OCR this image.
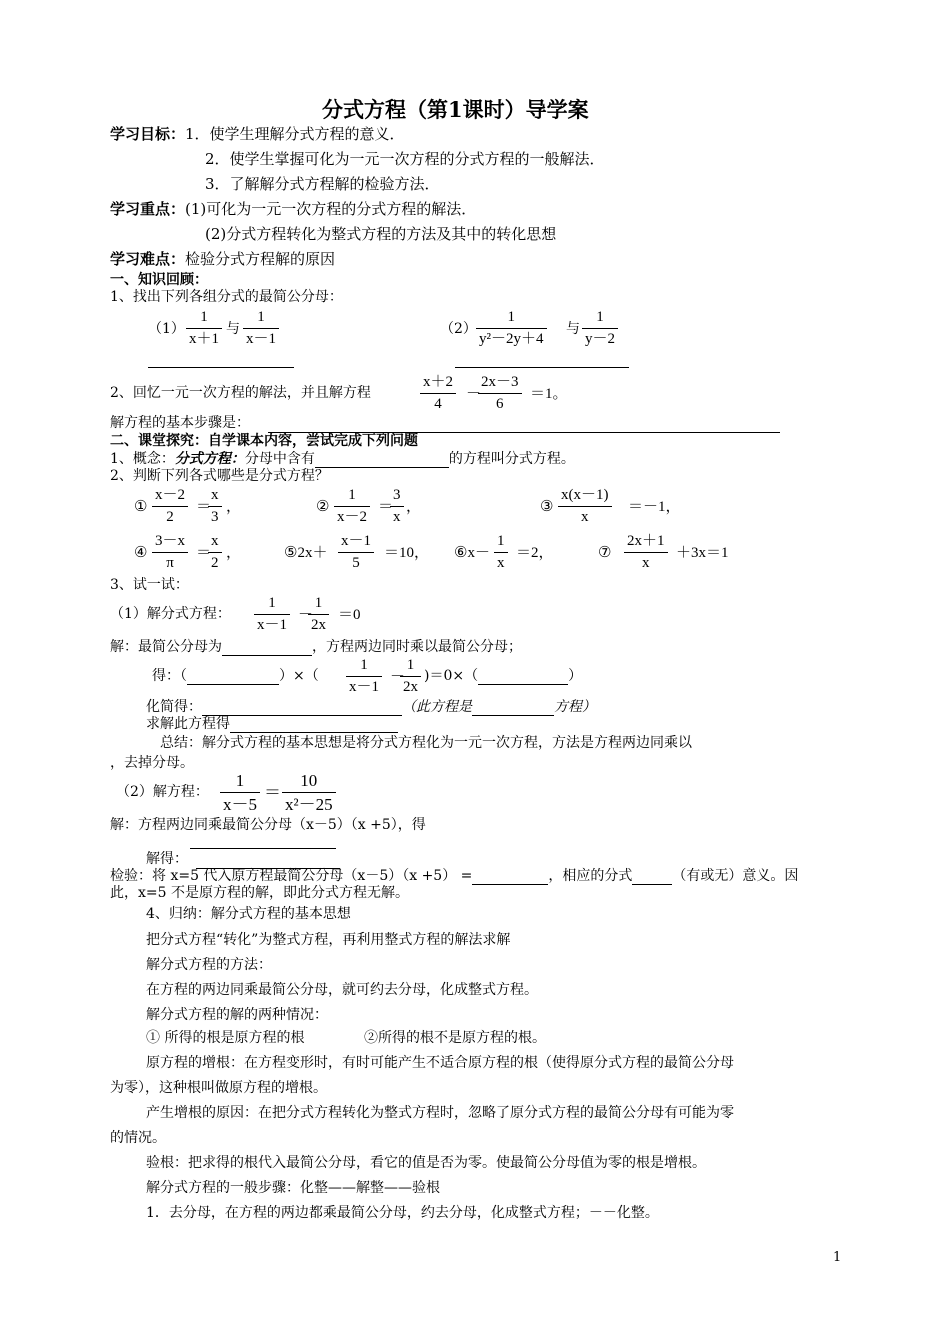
分式方程（第1课时）导学案
学习目标：1．使学生理解分式方程的意义．
2．使学生掌握可化为一元一次方程的分式方程的一般解法．
3．了解解分式方程解的检验方法．
学习重点：(1)可化为一元一次方程的分式方程的解法．
(2)分式方程转化为整式方程的方法及其中的转化思想
学习难点：检验分式方程解的原因
一、知识回顾：
1、找出下列各组分式的最简公分母：
$(1) \frac{1}{x+1}$ 与 $\frac{1}{x-1}$	$(2) \frac{1}{\text{y²－2y＋4}}$ 与 $\frac{1}{y-2}$
2、回忆一元一次方程的解法，并且解方程	$\frac{x+2}{4}$ －
$\frac{2x-3}{6} =1$。
解方程的基本步骤是：
二、课堂探究：自学课本内容，尝试完成下列问题
1、概念：分式方程：分母中含有	的方程叫分式方程。
2、判断下列各式哪些是分式方程？
① $\frac{x-2}{2}$ ＝
$\frac{x}{3}$ ，	② $\frac{1}{x-2}$ ＝
$\frac{3}{x}$ ，	③ $\frac{x(x-1)}{x} =-1$，
④ $\frac{3-x}{\pi}$ ＝
$\frac{x}{2}$ ，	⑤2x＋ $\frac{x-1}{5} =10$， ⑥x－ $\frac{1}{x} =2$，	⑦ $\frac{2x+1}{x} +3x=1$
3、试一试：
（1）解分式方程： $\frac{1}{x-1}$ －
$\frac{1}{2x} =0$
解：最简公分母为	，方程两边同时乘以最简公分母；
得：（	）×（ $\frac{1}{x-1}$ －
$\frac{1}{2x} )=0\times$（	）
化简得：	（此方程是	方程）
求解此方程得
总结：解分式方程的基本思想是将分式方程化为一元一次方程，方法是方程两边同乘以
，去掉分母。
（2）解方程： $\frac{1}{x-5} = \frac{10}{\text{x²－25}}$
解：方程两边同乘最简公分母（x－5）（x +5），得
解得：
检验：将 x=5 代入原方程最简公分母（x－5）（x +5） =	，相应的分式	（有或无）意义。因
此，x=5 不是原方程的解，即此分式方程无解。
4、归纳：解分式方程的基本思想
把分式方程“转化”为整式方程，再利用整式方程的解法求解
解分式方程的方法：
在方程的两边同乘最简公分母，就可约去分母，化成整式方程。
解分式方程的解的两种情况：
① 所得的根是原方程的根	②所得的根不是原方程的根。
原方程的增根：在方程变形时，有时可能产生不适合原方程的根（使得原分式方程的最简公分母
为零），这种根叫做原方程的增根。
产生增根的原因：在把分式方程转化为整式方程时，忽略了原分式方程的最简公分母有可能为零
的情况。
验根：把求得的根代入最简公分母，看它的值是否为零。使最简公分母值为零的根是增根。
解分式方程的一般步骤：化整——解整——验根
1．去分母，在方程的两边都乘最简公分母，约去分母，化成整式方程；－－化整。
1
